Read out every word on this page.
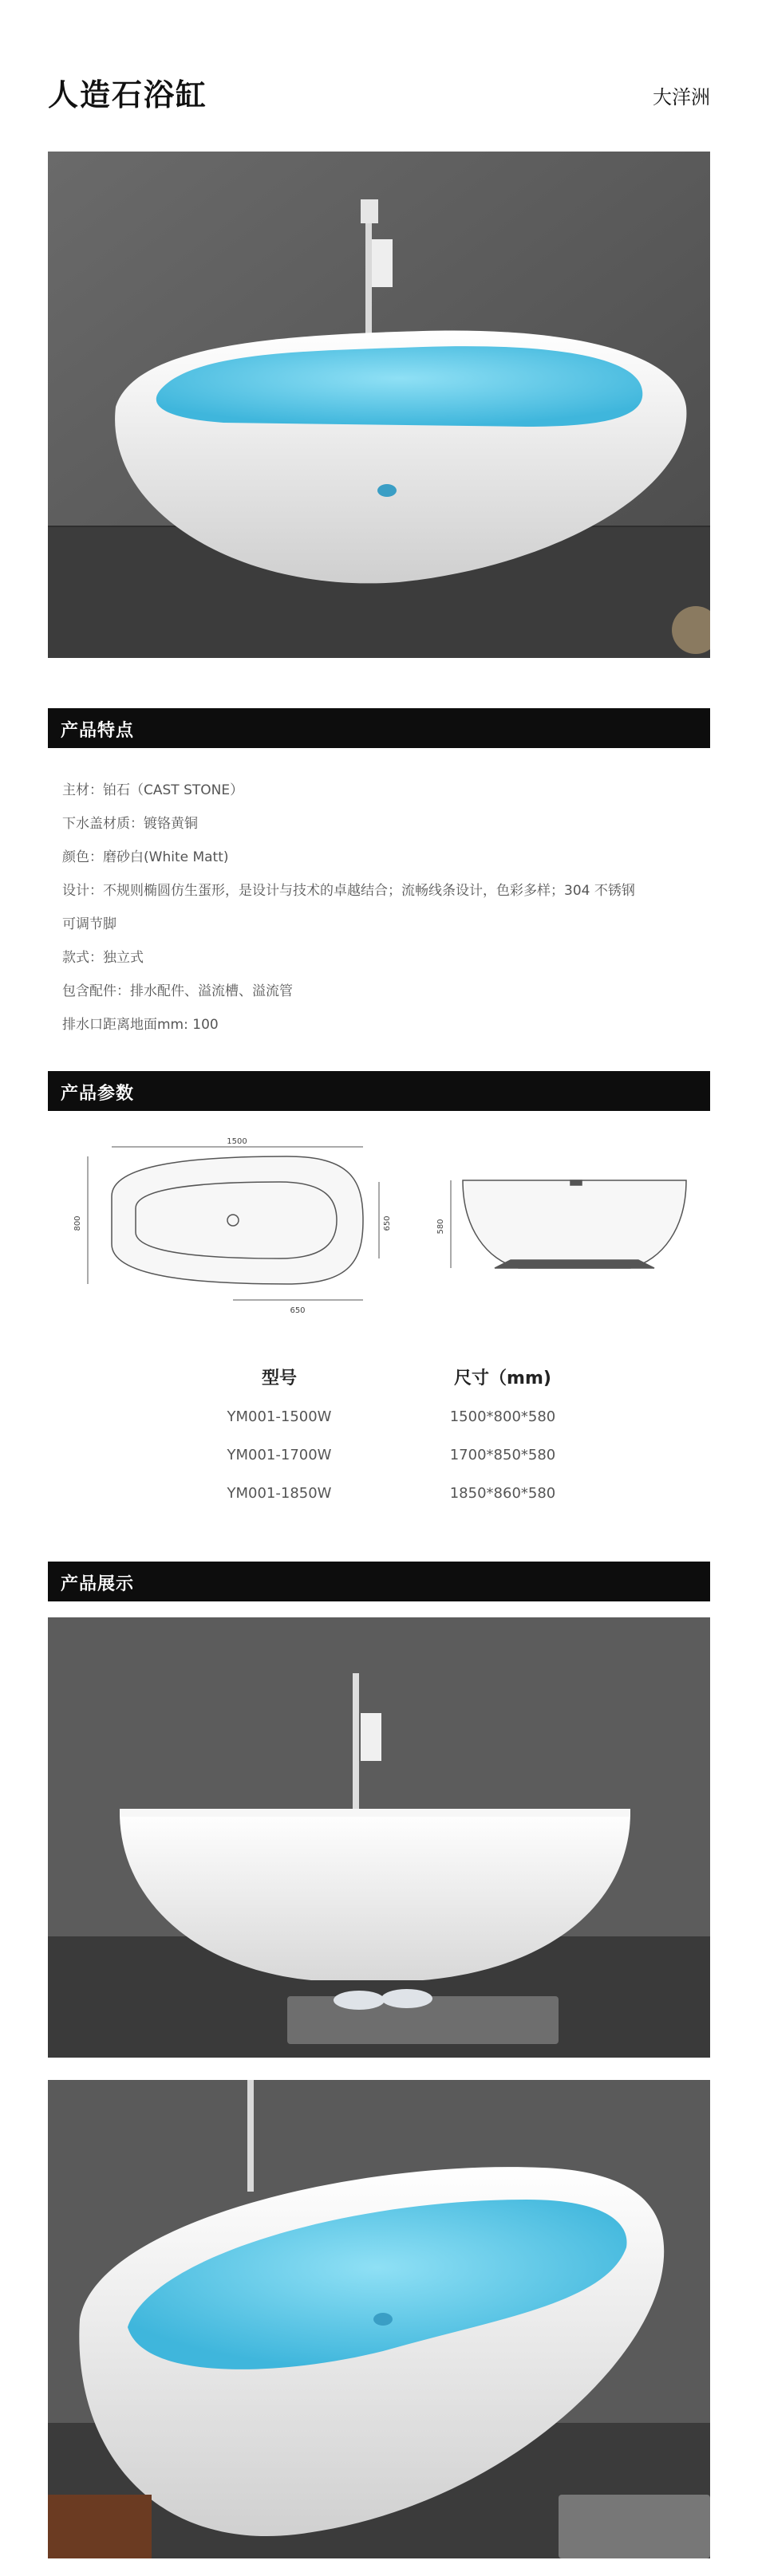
人造石浴缸	大洋洲
产品特点
主材：铂石（CAST STONE）
下水盖材质：镀铬黄铜
颜色：磨砂白(White Matt)
设计：不规则椭圆仿生蛋形，是设计与技术的卓越结合；流畅线条设计，色彩多样；304 不锈钢
可调节脚
款式：独立式
包含配件：排水配件、溢流槽、溢流管
排水口距离地面mm: 100
产品参数
1500
800	650
650
580
型号	尺寸（mm)
YM001-1500W	1500*800*580
YM001-1700W	1700*850*580
YM001-1850W	1850*860*580
产品展示
